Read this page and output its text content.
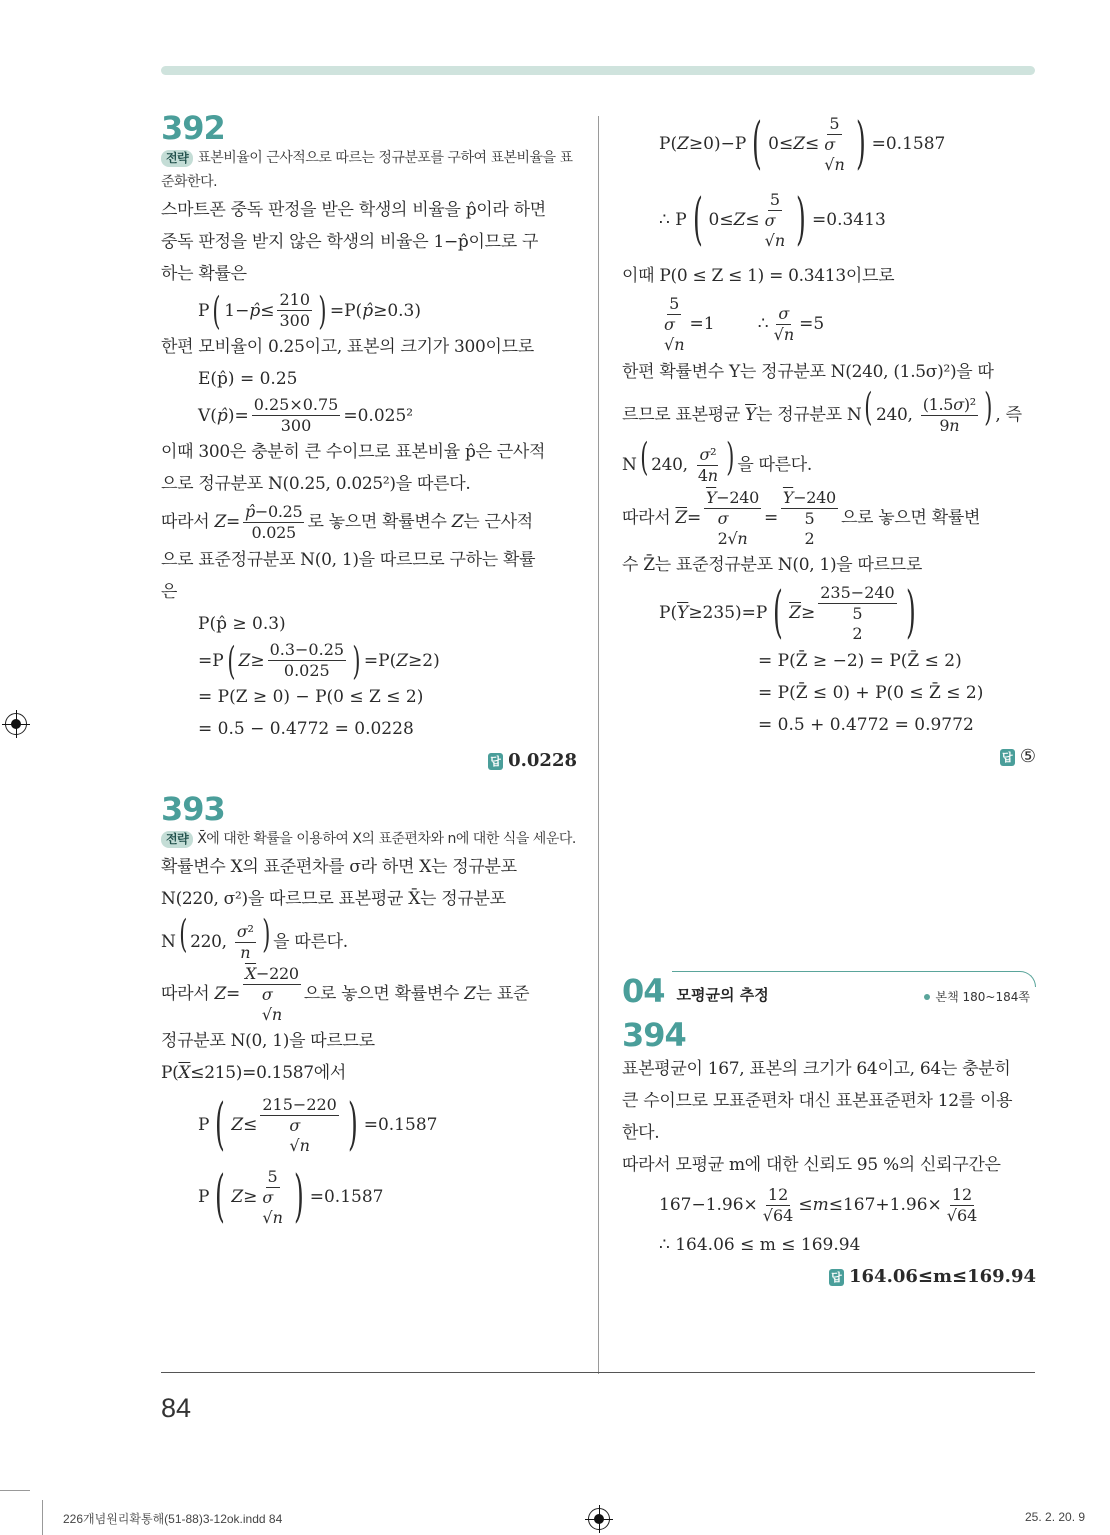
392
전략 표본비율이 근사적으로 따르는 정규분포를 구하여 표본비율을 표준화한다.
스마트폰 중독 판정을 받은 학생의 비율을 p̂이라 하면
중독 판정을 받지 않은 학생의 비율은 1−p̂이므로 구
하는 확률은
P ( 1− p̂ ≤ $\frac{210}{300}$ ) =P( p̂ ≥0.3)
한편 모비율이 0.25이고, 표본의 크기가 300이므로
E(p̂) = 0.25
V( p̂ )= $\frac{0.25\times 0.75}{300} =0.025^2$
이때 300은 충분히 큰 수이므로 표본비율 p̂은 근사적
으로 정규분포 N(0.25, 0.025²)을 따른다.
따라서 $Z= \frac{p̂-0.25}{0.025}$ 로 놓으면 확률변수 Z는 근사적
으로 표준정규분포 N(0, 1)을 따르므로 구하는 확률
은
P(p̂ ≥ 0.3)
=P ( $Z \ge \frac{0.3-0.25}{0.025}$ ) =P( Z ≥2)
= P(Z ≥ 0) − P(0 ≤ Z ≤ 2)
= 0.5 − 0.4772 = 0.0228
답 0.0228
393
전략 X̄에 대한 확률을 이용하여 X의 표준편차와 n에 대한 식을 세운다.
확률변수 X의 표준편차를 σ라 하면 X는 정규분포
N(220, σ²)을 따르므로 표본평균 X̄는 정규분포
N( 220, $\frac{\text{σ²}}{n}$ ) 을 따른다.
따라서 Z=
$\overline{X}-220$
σ
√n
으로 놓으면 확률변수 Z는 표준
정규분포 N(0, 1)을 따르므로
$P(\overline{X}\le 215)=0.1587$에서
P ( Z ≤
215−220
σ
√n ) =0.1587
P ( Z ≥
5
σ
√n ) =0.1587
P( Z ≥0)−P ( 0≤ Z ≤
5
σ
√n ) =0.1587
∴ P ( 0≤ Z ≤
5
σ
√n ) =0.3413
이때 P(0 ≤ Z ≤ 1) = 0.3413이므로
5
σ
√n
=1        ∴ $\frac{\sigma}{√n} =5$
한편 확률변수 Y는 정규분포 N(240, (1.5σ)²)을 따
르므로 표본평균 $\overline{Y}$는 정규분포 N( 240, $\frac{\text{(1.5σ)²}}{9n}$ ) , 즉
N( 240, $\frac{\text{σ²}}{4n}$ ) 을 따른다.
따라서 $\overline{Z}=$
$\overline{Y}-240$
σ
2√n
=
$\overline{Y}-240$
5
2
으로 놓으면 확률변
수 Z̄는 표준정규분포 N(0, 1)을 따르므로
P( $\overline{Y} \ge 235)=P$ ( $\overline{Z}$ ≥
235−240
5
2 )
= P(Z̄ ≥ −2) = P(Z̄ ≤ 2)
= P(Z̄ ≤ 0) + P(0 ≤ Z̄ ≤ 2)
= 0.5 + 0.4772 = 0.9772
답 ⑤
04 모평균의 추정	본책 180~184쪽
394
표본평균이 167, 표본의 크기가 64이고, 64는 충분히
큰 수이므로 모표준편차 대신 표본표준편차 12를 이용
한다.
따라서 모평균 m에 대한 신뢰도 95 %의 신뢰구간은
$167-1.96\times \frac{12}{√64} \le m \le 167+1.96\times \frac{12}{√64}$
∴ 164.06 ≤ m ≤ 169.94
답 164.06≤m≤169.94
84
226개념원리확통해(51-88)3-12ok.indd 84	25. 2. 20. 9
